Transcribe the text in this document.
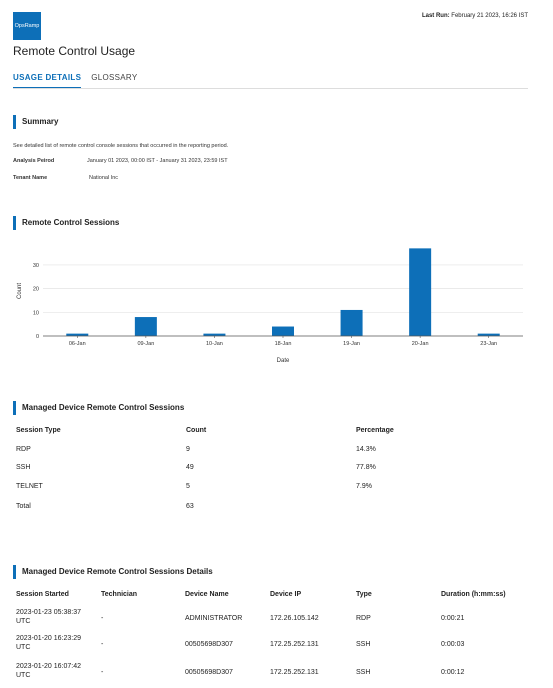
OpsRamp
Last Run: February 21 2023, 16:26 IST
Remote Control Usage
USAGE DETAILS GLOSSARY
Summary
See detailed list of remote control console sessions that occurred in the reporting period.
Analysis Peirod	January 01 2023, 00:00 IST - January 31 2023, 23:59 IST
Tenant Name	National Inc
Remote Control Sessions
0
10
20
30
06-Jan	09-Jan	10-Jan	18-Jan	19-Jan	20-Jan	23-Jan
Count
Date
Managed Device Remote Control Sessions
Session Type	Count	Percentage
RDP	9	14.3%
SSH	49	77.8%
TELNET	5	7.9%
Total	63
Managed Device Remote Control Sessions Details
Session Started	Technician	Device Name	Device IP	Type	Duration (h:mm:ss)
2023-01-23 05:38:37
UTC	-	ADMINISTRATOR	172.26.105.142	RDP	0:00:21
2023-01-20 16:23:29
UTC	-	00505698D307	172.25.252.131	SSH	0:00:03
2023-01-20 16:07:42
UTC	-	00505698D307	172.25.252.131	SSH	0:00:12
